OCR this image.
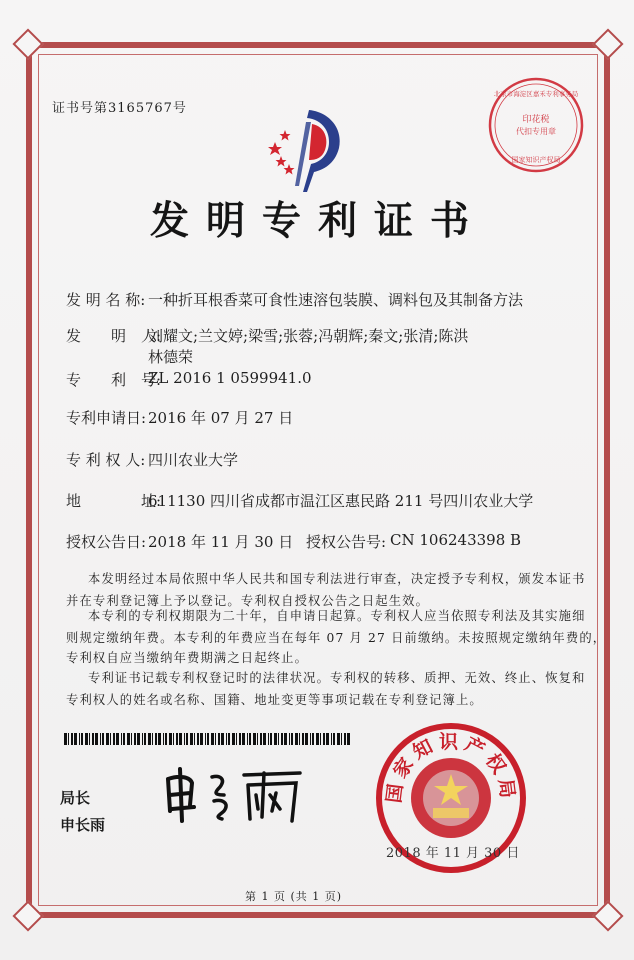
证书号第3165767号
印花税
代扣专用章
北京市海淀区嘉禾专利事务局
国家知识产权局
发明专利证书
发 明 名 称: 一种折耳根香菜可食性速溶包装膜、调料包及其制备方法
发　　明　人:
刘耀文;兰文婷;梁雪;张蓉;冯朝辉;秦文;张清;陈洪
林德荣
专　　利　号:
ZL 2016 1 0599941.0
专利申请日: 2016 年 07 月 27 日
专 利 权 人: 四川农业大学
地　　　　址:
611130 四川省成都市温江区惠民路 211 号四川农业大学
授权公告日: 2018 年 11 月 30 日 授权公告号: CN 106243398 B
本发明经过本局依照中华人民共和国专利法进行审查，决定授予专利权，颁发本证书
并在专利登记簿上予以登记。专利权自授权公告之日起生效。
本专利的专利权期限为二十年，自申请日起算。专利权人应当依照专利法及其实施细
则规定缴纳年费。本专利的年费应当在每年 07 月 27 日前缴纳。未按照规定缴纳年费的，
专利权自应当缴纳年费期满之日起终止。
专利证书记载专利权登记时的法律状况。专利权的转移、质押、无效、终止、恢复和
专利权人的姓名或名称、国籍、地址变更等事项记载在专利登记簿上。
局长
申长雨
国家知识产权局
2018 年 11 月 30 日
第 1 页 (共 1 页)
